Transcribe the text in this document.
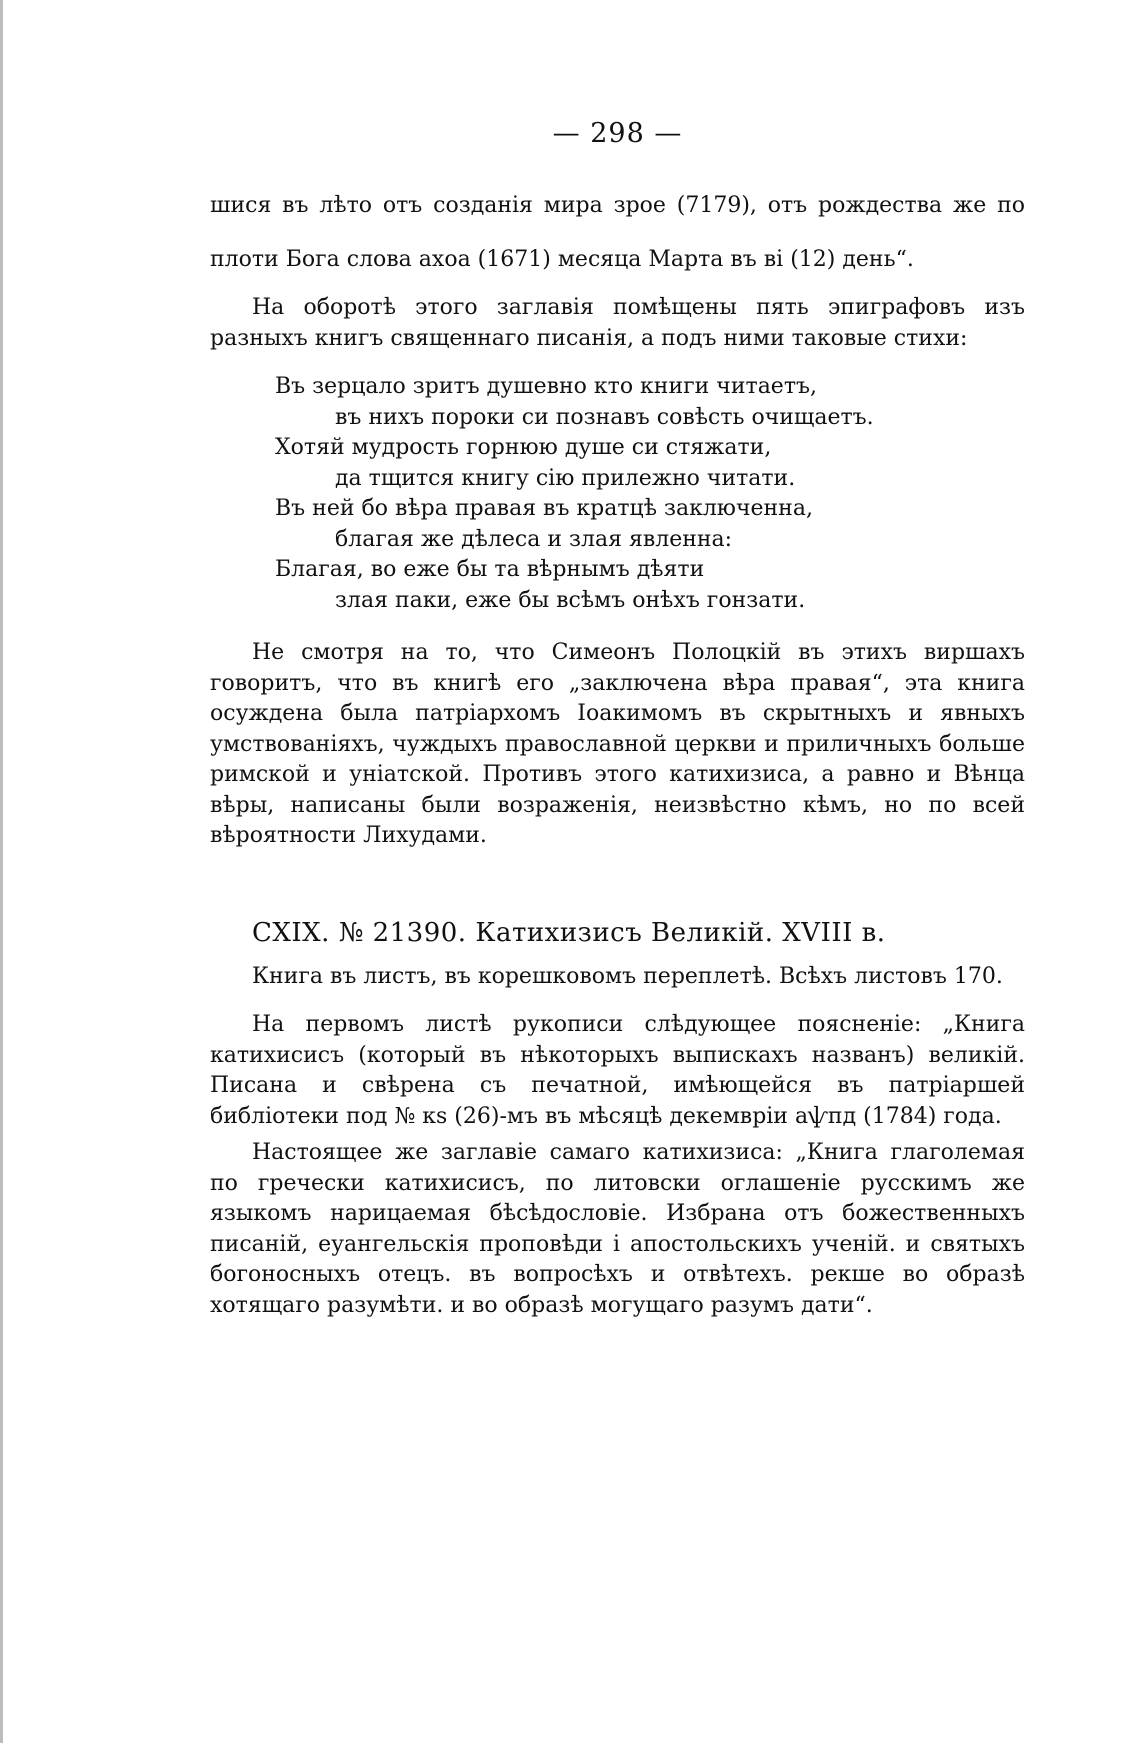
— 298 —

шися въ лѣто отъ созданія мира зрое (7179), отъ рождества же по плоти Бога слова ахоа (1671) месяца Марта въ ві (12) день“.

На оборотѣ этого заглавія помѣщены пять эпиграфовъ изъ разныхъ книгъ священнаго писанія, а подъ ними таковые стихи:

Въ зерцало зритъ душевно кто книги читаетъ,
въ нихъ пороки си познавъ совѣсть очищаетъ.
Хотяй мудрость горнюю душе си стяжати,
да тщится книгу сію прилежно читати.
Въ ней бо вѣра правая въ кратцѣ заключенна,
благая же дѣлеса и злая явленна:
Благая, во еже бы та вѣрнымъ дѣяти
злая паки, еже бы всѣмъ онѣхъ гонзати.

Не смотря на то, что Симеонъ Полоцкій въ этихъ виршахъ говоритъ, что въ книгѣ его „заключена вѣра правая“, эта книга осуждена была патріархомъ Іоакимомъ въ скрытныхъ и явныхъ умствованіяхъ, чуждыхъ православной церкви и приличныхъ больше римской и уніатской. Противъ этого катихизиса, а равно и Вѣнца вѣры, написаны были возраженія, неизвѣстно кѣмъ, но по всей вѣроятности Лихудами.

CXIX. № 21390. Катихизисъ Великій. XVIII в.

Книга въ листъ, въ корешковомъ переплетѣ. Всѣхъ листовъ 170.

На первомъ листѣ рукописи слѣдующее поясненіе: „Книга катихисисъ (который въ нѣкоторыхъ выпискахъ названъ) великій. Писана и свѣрена съ печатной, имѣющейся въ патріаршей библіотеки под № кѕ (26)-мъ въ мѣсяцѣ декемврiи аѱпд (1784) года.

Настоящее же заглавіе самаго катихизиса: „Книга глаголемая по гречески катихисисъ, по литовски оглашеніе русскимъ же языкомъ нарицаемая бѣсѣдословіе. Избрана отъ божественныхъ писаній, еуангельскія проповѣди і апостольскихъ ученій. и святыхъ богоносныхъ отецъ. въ вопросѣхъ и отвѣтехъ. рекше во образѣ хотящаго разумѣти. и во образѣ могущаго разумъ дати“.
